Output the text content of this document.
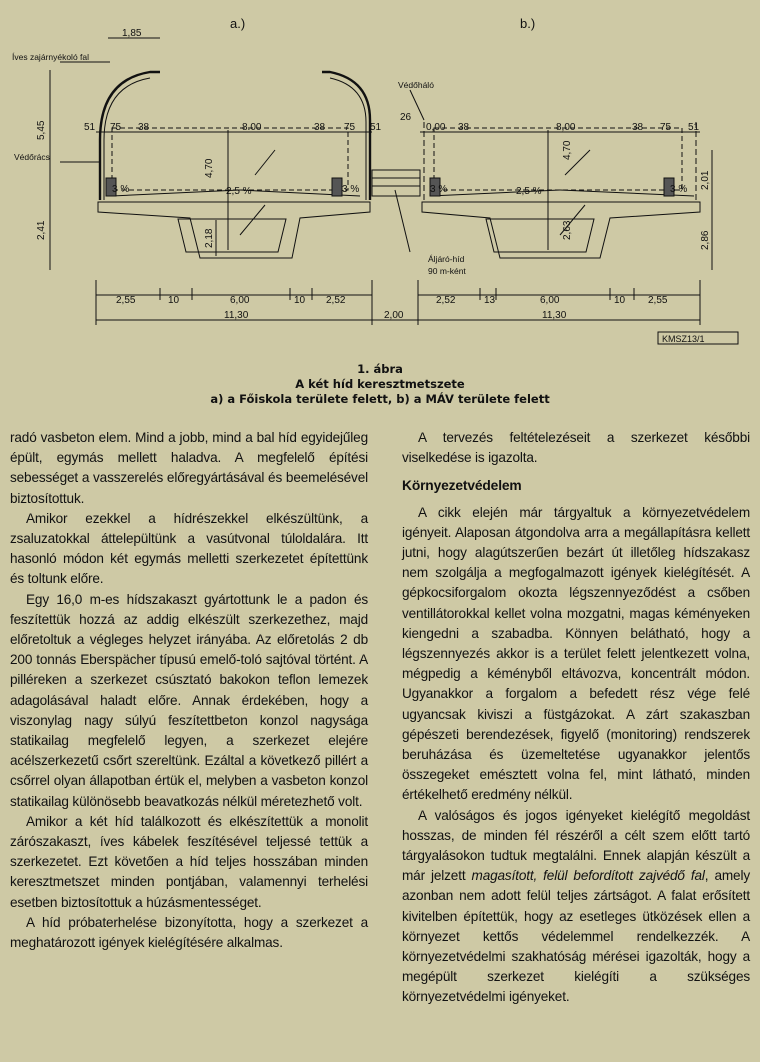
a.)	b.)
Íves zajárnyékoló fal
Védőrács
Védőháló
Áljáró-híd
90 m-ként
1,85
5,45	51 75 38	8.00	38 75 51
4,70
2,18
2,41
3 %	2,5 %	3 %
26
0,00 38	8,00	38 75 51
4,70
2,63
2,01
2,86
3 %	2,5 %	3 %
2,55	10	6,00	10 2,52	2,52	13	6,00	10 2,55
11,30	2,00	11,30
KMSZ13/1
1. ábra
A két híd keresztmetszete
a) a Főiskola területe felett, b) a MÁV területe felett

radó vasbeton elem. Mind a jobb, mind a bal híd egyidejűleg épült, egymás mellett haladva. A megfelelő építési sebességet a vasszerelés előregyártásával és beemelésével biztosítottuk.

Amikor ezekkel a hídrészekkel elkészültünk, a zsaluzatokkal áttelepültünk a vasútvonal túloldalára. Itt hasonló módon két egymás melletti szerkezetet építettünk és toltunk előre.

Egy 16,0 m-es hídszakaszt gyártottunk le a padon és feszítettük hozzá az addig elkészült szerkezethez, majd előretoltuk a végleges helyzet irányába. Az előretolás 2 db 200 tonnás Eberspächer típusú emelő-toló sajtóval történt. A pilléreken a szerkezet csúsztató bakokon teflon lemezek adagolásával haladt előre. Annak érdekében, hogy a viszonylag nagy súlyú feszítettbeton konzol nagysága statikailag megfelelő legyen, a szerkezet elejére acélszerkezetű csőrt szereltünk. Ezáltal a következő pillért a csőrrel olyan állapotban értük el, melyben a vasbeton konzol statikailag különösebb beavatkozás nélkül méretezhető volt.

Amikor a két híd találkozott és elkészítettük a monolit zárószakaszt, íves kábelek feszítésével teljessé tettük a szerkezetet. Ezt követően a híd teljes hosszában minden keresztmetszet minden pontjában, valamennyi terhelési esetben biztosítottuk a húzásmentességet.

A híd próbaterhelése bizonyította, hogy a szerkezet a meghatározott igények kielégítésére alkalmas.

A tervezés feltételezéseit a szerkezet későbbi viselkedése is igazolta.

Környezetvédelem

A cikk elején már tárgyaltuk a környezetvédelem igényeit. Alaposan átgondolva arra a megállapításra kellett jutni, hogy alagútszerűen bezárt út illetőleg hídszakasz nem szolgálja a megfogalmazott igények kielégítését. A gépkocsiforgalom okozta légszennyeződést a csőben ventillátorokkal kellet volna mozgatni, magas kéményeken kiengedni a szabadba. Könnyen belátható, hogy a légszennyezés akkor is a terület felett jelentkezett volna, mégpedig a kéményből eltávozva, koncentrált módon. Ugyanakkor a forgalom a befedett rész vége felé ugyancsak kiviszi a füstgázokat. A zárt szakaszban gépészeti berendezések, figyelő (monitoring) rendszerek beruházása és üzemeltetése ugyanakkor jelentős összegeket emésztett volna fel, mint látható, minden értékelhető eredmény nélkül.

A valóságos és jogos igényeket kielégítő megoldást hosszas, de minden fél részéről a célt szem előtt tartó tárgyalásokon tudtuk megtalálni. Ennek alapján készült a már jelzett magasított, felül befordított zajvédő fal, amely azonban nem adott felül teljes zártságot. A falat erősített kivitelben építettük, hogy az esetleges ütközések ellen a környezet kettős védelemmel rendelkezzék. A környezetvédelmi szakhatóság mérései igazolták, hogy a megépült szerkezet kielégíti a szükséges környezetvédelmi igényeket.
